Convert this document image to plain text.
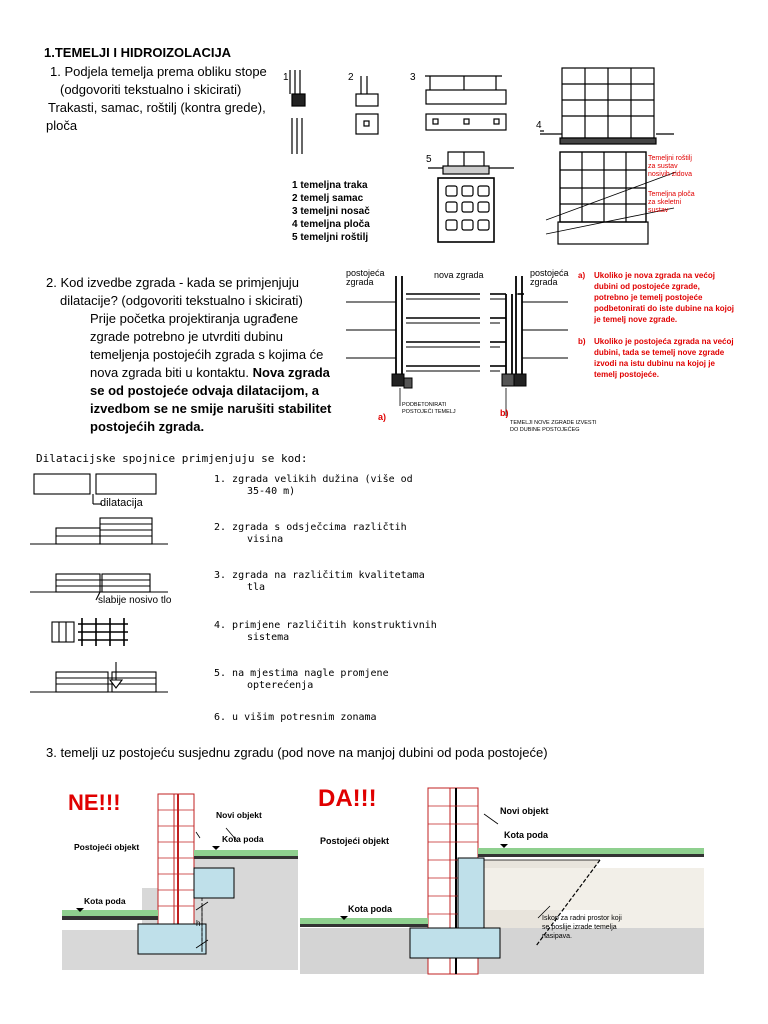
1.TEMELJI I HIDROIZOLACIJA
1. Podjela temelja prema obliku stope
(odgovoriti tekstualno i skicirati)
Trakasti, samac, roštilj (kontra grede),
ploča
1	2	3
4
5
1 temeljna traka
2 temelj samac
3 temeljni nosač
4 temeljna ploča
5 temeljni roštilj
Temeljni roštilj
za sustav
nosivih zidova
Temeljna ploča
za skeletni
sustav
2. Kod izvedbe zgrada - kada se primjenjuju
dilatacije? (odgovoriti tekstualno i skicirati)
Prije početka projektiranja ugrađene
zgrade potrebno je utvrditi dubinu
temeljenja postojećih zgrada s kojima će
nova zgrada biti u kontaktu. Nova zgrada
se od postojeće odvaja dilatacijom, a
izvedbom se ne smije narušiti stabilitet
postojećih zgrada.
postojeća
zgrada
nova zgrada	postojeća
zgrada
a)	b)
PODBETONIRATI
POSTOJEĆI TEMELJ
TEMELJI NOVE ZGRADE IZVESTI
DO DUBINE POSTOJEĆEG
a) Ukoliko je nova zgrada na većoj
dubini od postojeće zgrade,
potrebno je temelj postojeće
podbetonirati do iste dubine na kojoj
je temelj nove zgrade.
b) Ukoliko je postojeća zgrada na većoj
dubini, tada se temelj nove zgrade
izvodi na istu dubinu na kojoj je
temelj postojeće.
Dilatacijske spojnice primjenjuju se kod:
dilatacija
slabije nosivo tlo
1. zgrada velikih dužina (više od
35-40 m)
2. zgrada s odsječcima različtih
visina
3. zgrada na različitim kvalitetama
tla
4. primjene različitih konstruktivnih
sistema
5. na mjestima nagle promjene
opterećenja
6. u višim potresnim zonama
3. temelji uz postojeću susjednu zgradu (pod nove na manjoj dubini od poda postojeće)
NE!!!	Novi objekt
Postojeći objekt
Kota poda
Kota poda
h
DA!!!	Novi objekt
Postojeći objekt
Kota poda
Kota poda
Iskop za radni prostor koji
se poslije izrade temelja
nasipava.
